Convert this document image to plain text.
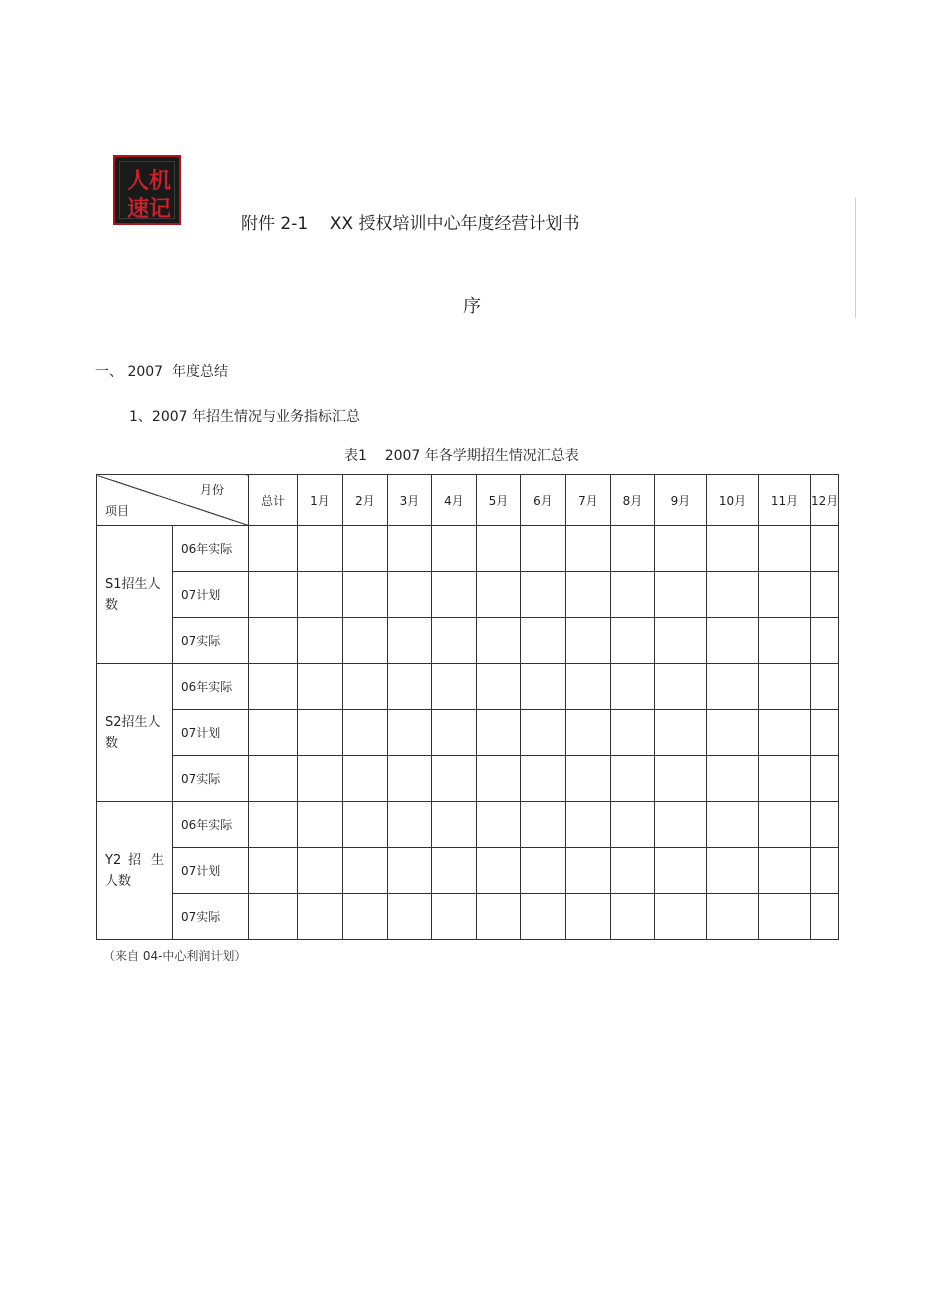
人机
速记
附件 2-1    XX 授权培训中心年度经营计划书
序
一、 2007  年度总结
1、2007 年招生情况与业务指标汇总
表1    2007 年各学期招生情况汇总表
月份
项目		总计	1月	2月	3月	4月	5月	6月	7月	8月	9月	10月	11月	12月
S1招生人数	06年实际													
	07计划													
	07实际													
S2招生人数	06年实际													
	07计划													
	07实际													
Y2 招 生人数	06年实际													
	07计划													
	07实际													
（来自 04-中心利润计划）
